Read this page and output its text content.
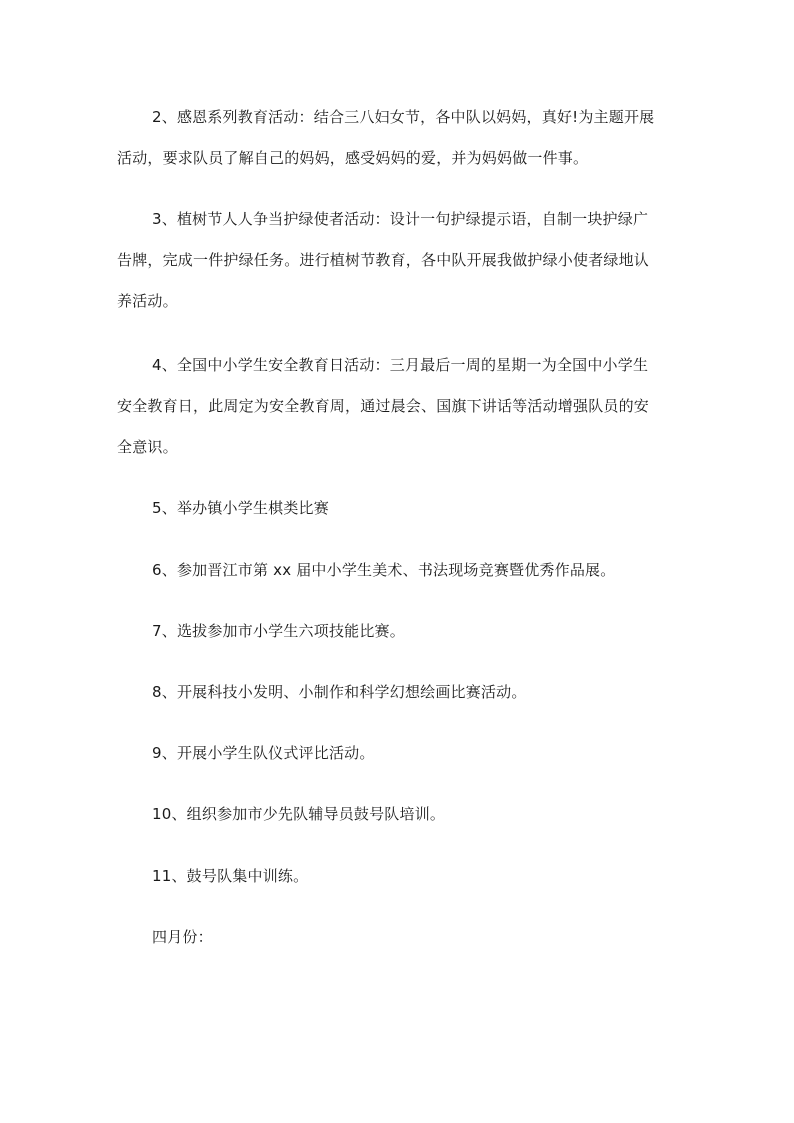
2、感恩系列教育活动：结合三八妇女节，各中队以妈妈，真好!为主题开展
活动，要求队员了解自己的妈妈，感受妈妈的爱，并为妈妈做一件事。
3、植树节人人争当护绿使者活动：设计一句护绿提示语，自制一块护绿广
告牌，完成一件护绿任务。进行植树节教育，各中队开展我做护绿小使者绿地认
养活动。
4、全国中小学生安全教育日活动：三月最后一周的星期一为全国中小学生
安全教育日，此周定为安全教育周，通过晨会、国旗下讲话等活动增强队员的安
全意识。
5、举办镇小学生棋类比赛
6、参加晋江市第 xx 届中小学生美术、书法现场竞赛暨优秀作品展。
7、选拔参加市小学生六项技能比赛。
8、开展科技小发明、小制作和科学幻想绘画比赛活动。
9、开展小学生队仪式评比活动。
10、组织参加市少先队辅导员鼓号队培训。
11、鼓号队集中训练。
四月份：
